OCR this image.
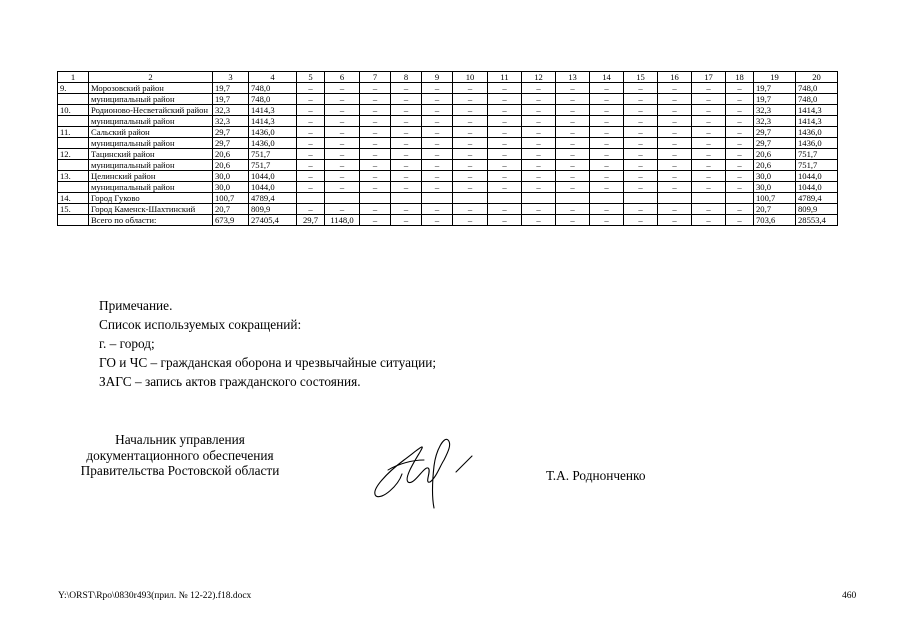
1	2	3	4	5	6	7	8	9	10	11	12	13	14	15	16	17	18	19	20
9.	Морозовский район	19,7	748,0	–	–	–	–	–	–	–	–	–	–	–	–	–	–	19,7	748,0
	муниципальный район	19,7	748,0	–	–	–	–	–	–	–	–	–	–	–	–	–	–	19,7	748,0
10.	Родионово-Несветайский район	32,3	1414,3	–	–	–	–	–	–	–	–	–	–	–	–	–	–	32,3	1414,3
	муниципальный район	32,3	1414,3	–	–	–	–	–	–	–	–	–	–	–	–	–	–	32,3	1414,3
11.	Сальский район	29,7	1436,0	–	–	–	–	–	–	–	–	–	–	–	–	–	–	29,7	1436,0
	муниципальный район	29,7	1436,0	–	–	–	–	–	–	–	–	–	–	–	–	–	–	29,7	1436,0
12.	Тацинский район	20,6	751,7	–	–	–	–	–	–	–	–	–	–	–	–	–	–	20,6	751,7
	муниципальный район	20,6	751,7	–	–	–	–	–	–	–	–	–	–	–	–	–	–	20,6	751,7
13.	Целинский район	30,0	1044,0	–	–	–	–	–	–	–	–	–	–	–	–	–	–	30,0	1044,0
	муниципальный район	30,0	1044,0	–	–	–	–	–	–	–	–	–	–	–	–	–	–	30,0	1044,0
14.	Город Гуково	100,7	4789,4															100,7	4789,4
15.	Город Каменск-Шахтинский	20,7	809,9	–	–	–	–	–	–	–	–	–	–	–	–	–	–	20,7	809,9
	Всего по области:	673,9	27405,4	29,7	1148,0	–	–	–	–	–	–	–	–	–	–	–	–	703,6	28553,4
Примечание.
Список используемых сокращений:
г. – город;
ГО и ЧС – гражданская оборона и чрезвычайные ситуации;
ЗАГС – запись актов гражданского состояния.
Начальник управления
документационного обеспечения
Правительства Ростовской области	Т.А. Роднонченко
Y:\ORST\Rpo\0830r493(прил. № 12-22).f18.docx	460
